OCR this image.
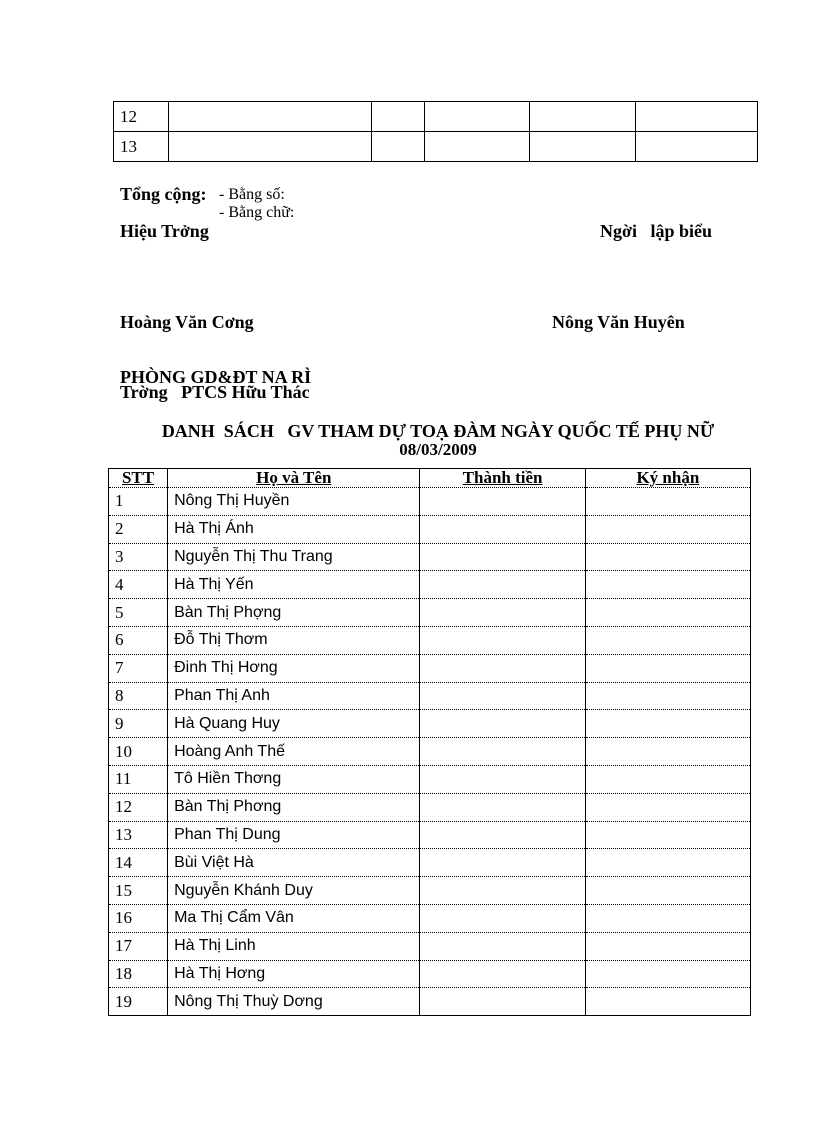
12					
13					
Tổng cộng: - Bằng số:
- Bằng chữ:
Hiệu Trởng	Ngời   lập biểu
Hoàng Văn Cơng	Nông Văn Huyên
PHÒNG GD&ĐT NA RÌ
Trờng   PTCS Hữu Thác
DANH  SÁCH   GV THAM DỰ TOẠ ĐÀM NGÀY QUỐC TẾ PHỤ NỮ
08/03/2009
STT	Họ và Tên	Thành tiền	Ký nhận
1	Nông Thị Huyền		
2	Hà Thị Ánh		
3	Nguyễn Thị Thu Trang		
4	Hà Thị Yến		
5	Bàn Thị Phợng		
6	Đỗ Thị Thơm		
7	Đinh Thị Hơng		
8	Phan Thị Anh		
9	Hà Quang Huy		
10	Hoàng Anh Thế		
11	Tô Hiền Thơng		
12	Bàn Thị Phơng		
13	Phan Thị Dung		
14	Bùi Việt Hà		
15	Nguyễn Khánh Duy		
16	Ma Thị Cẩm Vân		
17	Hà Thị Linh		
18	Hà Thị Hơng		
19	Nông Thị Thuỳ Dơng		
